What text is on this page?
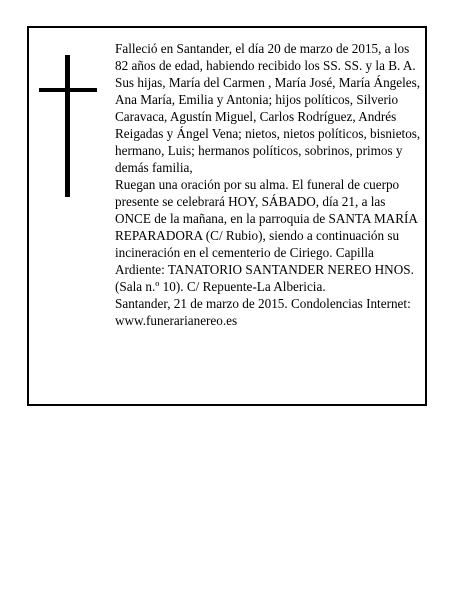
Falleció en Santander, el día 20 de marzo de 2015, a los 82 años de edad, habiendo recibido los SS. SS. y la B. A.

Sus hijas, María del Carmen , María José, María Ángeles, Ana María, Emilia y Antonia; hijos políticos, Silverio Caravaca, Agustín Miguel, Carlos Rodríguez, Andrés Reigadas y Ángel Vena; nietos, nietos políticos, bisnietos, hermano, Luis; hermanos políticos, sobrinos, primos y demás familia,

Ruegan una oración por su alma. El funeral de cuerpo presente se celebrará HOY, SÁBADO, día 21, a las ONCE de la mañana, en la parroquia de SANTA MARÍA REPARADORA (C/ Rubio), siendo a continuación su incineración en el cementerio de Ciriego. Capilla Ardiente: TANATORIO SANTANDER NEREO HNOS. (Sala n.º 10). C/ Repuente-La Albericia.

Santander, 21 de marzo de 2015. Condolencias Internet: www.funerarianereo.es
